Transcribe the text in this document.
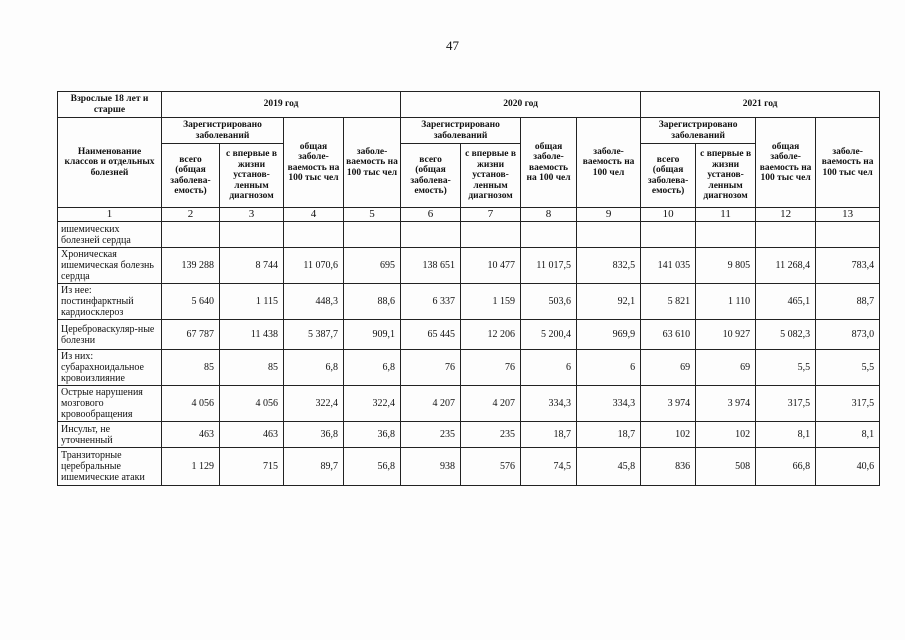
47
Взрослые 18 лет и старше	2019 год				2020 год				2021 год			
Наименование классов и отдельных болезней	Зарегистрировано заболеваний		общая заболе-ваемость на 100 тыс чел	заболе-ваемость на 100 тыс чел	Зарегистрировано заболеваний		общая заболе-ваемость на 100 чел	заболе-ваемость на 100 чел	Зарегистрировано заболеваний		общая заболе-ваемость на 100 тыс чел	заболе-ваемость на 100 тыс чел
	всего (общая заболева-емость)	с впервые в жизни установ-ленным диагнозом			всего (общая заболева-емость)	с впервые в жизни установ-ленным диагнозом			всего (общая заболева-емость)	с впервые в жизни установ-ленным диагнозом		
1	2	3	4	5	6	7	8	9	10	11	12	13
ишемических болезней сердца												
Хроническая ишемическая болезнь сердца	139 288	8 744	11 070,6	695	138 651	10 477	11 017,5	832,5	141 035	9 805	11 268,4	783,4
Из нее: постинфарктный кардиосклероз	5 640	1 115	448,3	88,6	6 337	1 159	503,6	92,1	5 821	1 110	465,1	88,7
Цереброваскуляр-ные болезни	67 787	11 438	5 387,7	909,1	65 445	12 206	5 200,4	969,9	63 610	10 927	5 082,3	873,0
Из них: субарахноидальное кровоизлияние	85	85	6,8	6,8	76	76	6	6	69	69	5,5	5,5
Острые нарушения мозгового кровообращения	4 056	4 056	322,4	322,4	4 207	4 207	334,3	334,3	3 974	3 974	317,5	317,5
Инсульт, не уточненный	463	463	36,8	36,8	235	235	18,7	18,7	102	102	8,1	8,1
Транзиторные церебральные ишемические атаки	1 129	715	89,7	56,8	938	576	74,5	45,8	836	508	66,8	40,6
